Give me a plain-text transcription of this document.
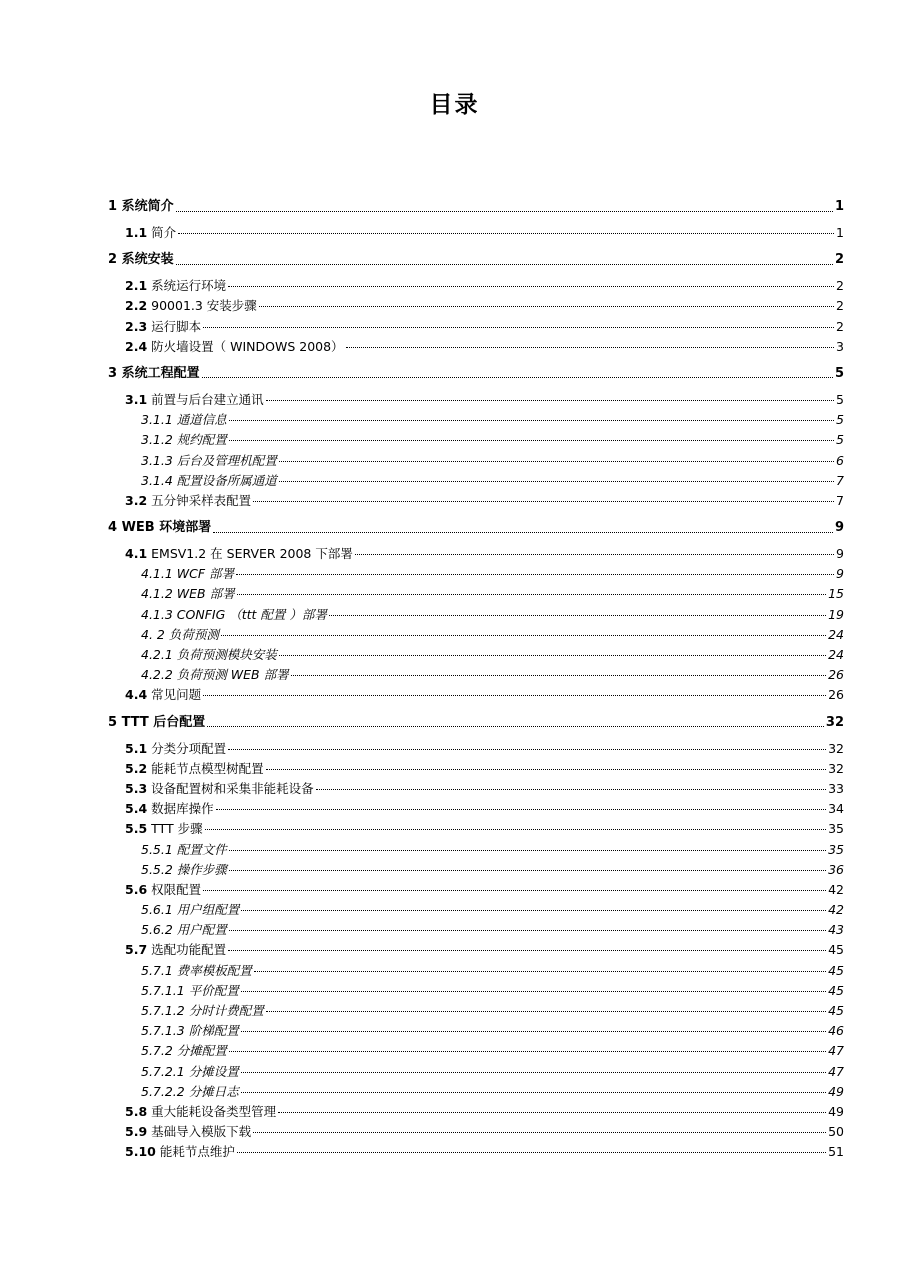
目录
1 系统简介	1
1.1 简介	1
2 系统安装	2
2.1 系统运行环境	2
2.2 90001.3 安装步骤	2
2.3 运行脚本	2
2.4 防火墙设置（ WINDOWS 2008）	3
3 系统工程配置	5
3.1 前置与后台建立通讯	5
3.1.1 通道信息	5
3.1.2 规约配置	5
3.1.3 后台及管理机配置	6
3.1.4 配置设备所属通道	7
3.2 五分钟采样表配置	7
4 WEB 环境部署	9
4.1 EMSV1.2 在 SERVER 2008 下部署	9
4.1.1 WCF 部署	9
4.1.2 WEB 部署	15
4.1.3 CONFIG （ttt 配置 ）部署	19
4. 2 负荷预测	24
4.2.1 负荷预测模块安装	24
4.2.2 负荷预测 WEB 部署	26
4.4 常见问题	26
5 TTT 后台配置	32
5.1 分类分项配置	32
5.2 能耗节点模型树配置	32
5.3 设备配置树和采集非能耗设备	33
5.4 数据库操作	34
5.5 TTT 步骤	35
5.5.1 配置文件	35
5.5.2 操作步骤	36
5.6 权限配置	42
5.6.1 用户组配置	42
5.6.2 用户配置	43
5.7 选配功能配置	45
5.7.1 费率模板配置	45
5.7.1.1 平价配置	45
5.7.1.2 分时计费配置	45
5.7.1.3 阶梯配置	46
5.7.2 分摊配置	47
5.7.2.1 分摊设置	47
5.7.2.2 分摊日志	49
5.8 重大能耗设备类型管理	49
5.9 基础导入模版下载	50
5.10 能耗节点维护	51
